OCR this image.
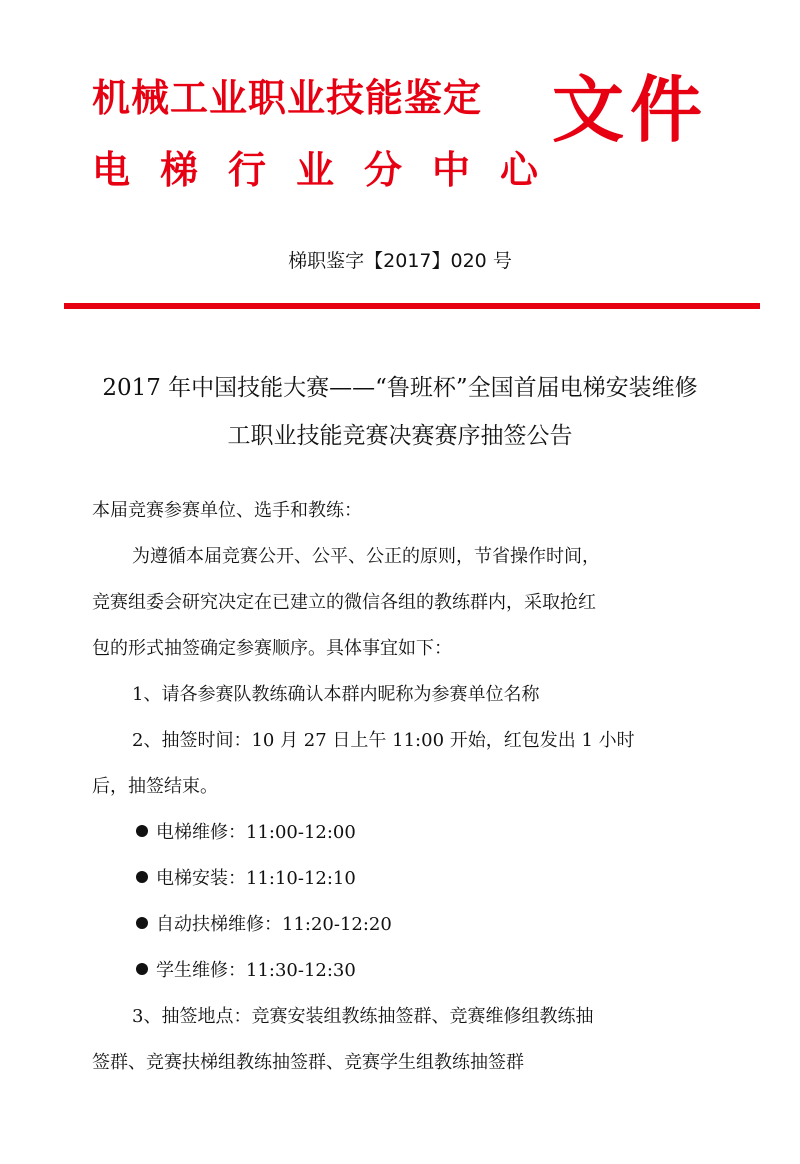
机械工业职业技能鉴定
电梯行业分中心
文件
梯职鉴字【2017】020 号
2017 年中国技能大赛——“鲁班杯”全国首届电梯安装维修
工职业技能竞赛决赛赛序抽签公告

本届竞赛参赛单位、选手和教练：

为遵循本届竞赛公开、公平、公正的原则，节省操作时间，

竞赛组委会研究决定在已建立的微信各组的教练群内，采取抢红

包的形式抽签确定参赛顺序。具体事宜如下：

1、请各参赛队教练确认本群内昵称为参赛单位名称

2、抽签时间：10 月 27 日上午 11:00 开始，红包发出 1 小时

后，抽签结束。

电梯维修：11:00-12:00

电梯安装：11:10-12:10

自动扶梯维修：11:20-12:20

学生维修：11:30-12:30

3、抽签地点：竞赛安装组教练抽签群、竞赛维修组教练抽

签群、竞赛扶梯组教练抽签群、竞赛学生组教练抽签群
